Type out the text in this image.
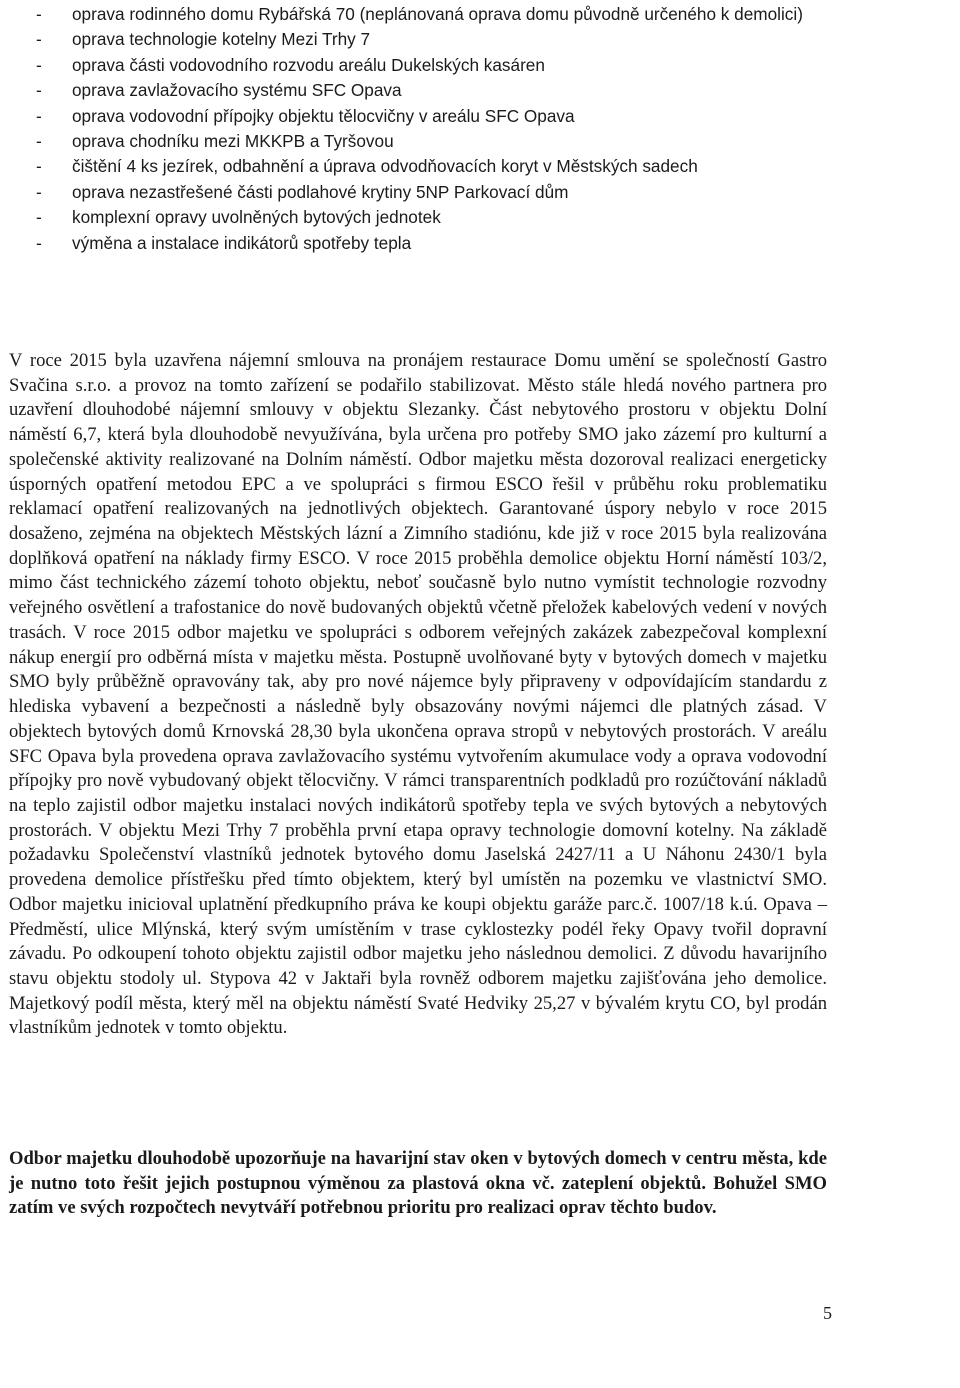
-	oprava rodinného domu Rybářská 70 (neplánovaná oprava domu původně určeného k demolici)
-	oprava technologie kotelny Mezi Trhy 7
-	oprava části vodovodního rozvodu areálu Dukelských kasáren
-	oprava zavlažovacího systému SFC Opava
-	oprava vodovodní přípojky objektu tělocvičny v areálu SFC Opava
-	oprava chodníku mezi MKKPB a Tyršovou
-	čištění 4 ks jezírek, odbahnění a úprava odvodňovacích koryt v Městských sadech
-	oprava nezastřešené části podlahové krytiny 5NP Parkovací dům
-	komplexní opravy uvolněných bytových jednotek
-	výměna a instalace indikátorů spotřeby tepla

V roce 2015 byla uzavřena nájemní smlouva na pronájem restaurace Domu umění se společností Gastro Svačina s.r.o. a provoz na tomto zařízení se podařilo stabilizovat. Město stále hledá nového partnera pro uzavření dlouhodobé nájemní smlouvy v objektu Slezanky. Část nebytového prostoru v objektu Dolní náměstí 6,7, která byla dlouhodobě nevyužívána, byla určena pro potřeby SMO jako zázemí pro kulturní a společenské aktivity realizované na Dolním náměstí. Odbor majetku města dozoroval realizaci energeticky úsporných opatření metodou EPC a ve spolupráci s firmou ESCO řešil v průběhu roku problematiku reklamací opatření realizovaných na jednotlivých objektech. Garantované úspory nebylo v roce 2015 dosaženo, zejména na objektech Městských lázní a Zimního stadiónu, kde již v roce 2015 byla realizována doplňková opatření na náklady firmy ESCO. V roce 2015 proběhla demolice objektu Horní náměstí 103/2, mimo část technického zázemí tohoto objektu, neboť současně bylo nutno vymístit technologie rozvodny veřejného osvětlení a trafostanice do nově budovaných objektů včetně přeložek kabelových vedení v nových trasách. V roce 2015 odbor majetku ve spolupráci s odborem veřejných zakázek zabezpečoval komplexní nákup energií pro odběrná místa v majetku města. Postupně uvolňované byty v bytových domech v majetku SMO byly průběžně opravovány tak, aby pro nové nájemce byly připraveny v odpovídajícím standardu z hlediska vybavení a bezpečnosti a následně byly obsazovány novými nájemci dle platných zásad. V objektech bytových domů Krnovská 28,30 byla ukončena oprava stropů v nebytových prostorách. V areálu SFC Opava byla provedena oprava zavlažovacího systému vytvořením akumulace vody a oprava vodovodní přípojky pro nově vybudovaný objekt tělocvičny. V rámci transparentních podkladů pro rozúčtování nákladů na teplo zajistil odbor majetku instalaci nových indikátorů spotřeby tepla ve svých bytových a nebytových prostorách. V objektu Mezi Trhy 7 proběhla první etapa opravy technologie domovní kotelny. Na základě požadavku Společenství vlastníků jednotek bytového domu Jaselská 2427/11 a U Náhonu 2430/1 byla provedena demolice přístřešku před tímto objektem, který byl umístěn na pozemku ve vlastnictví SMO. Odbor majetku inicioval uplatnění předkupního práva ke koupi objektu garáže parc.č. 1007/18 k.ú. Opava – Předměstí, ulice Mlýnská, který svým umístěním v trase cyklostezky podél řeky Opavy tvořil dopravní závadu. Po odkoupení tohoto objektu zajistil odbor majetku jeho následnou demolici. Z důvodu havarijního stavu objektu stodoly ul. Stypova 42 v Jaktaři byla rovněž odborem majetku zajišťována jeho demolice. Majetkový podíl města, který měl na objektu náměstí Svaté Hedviky 25,27 v bývalém krytu CO, byl prodán vlastníkům jednotek v tomto objektu.

Odbor majetku dlouhodobě upozorňuje na havarijní stav oken v bytových domech v centru města, kde je nutno toto řešit jejich postupnou výměnou za plastová okna vč. zateplení objektů. Bohužel SMO zatím ve svých rozpočtech nevytváří potřebnou prioritu pro realizaci oprav těchto budov.

5
